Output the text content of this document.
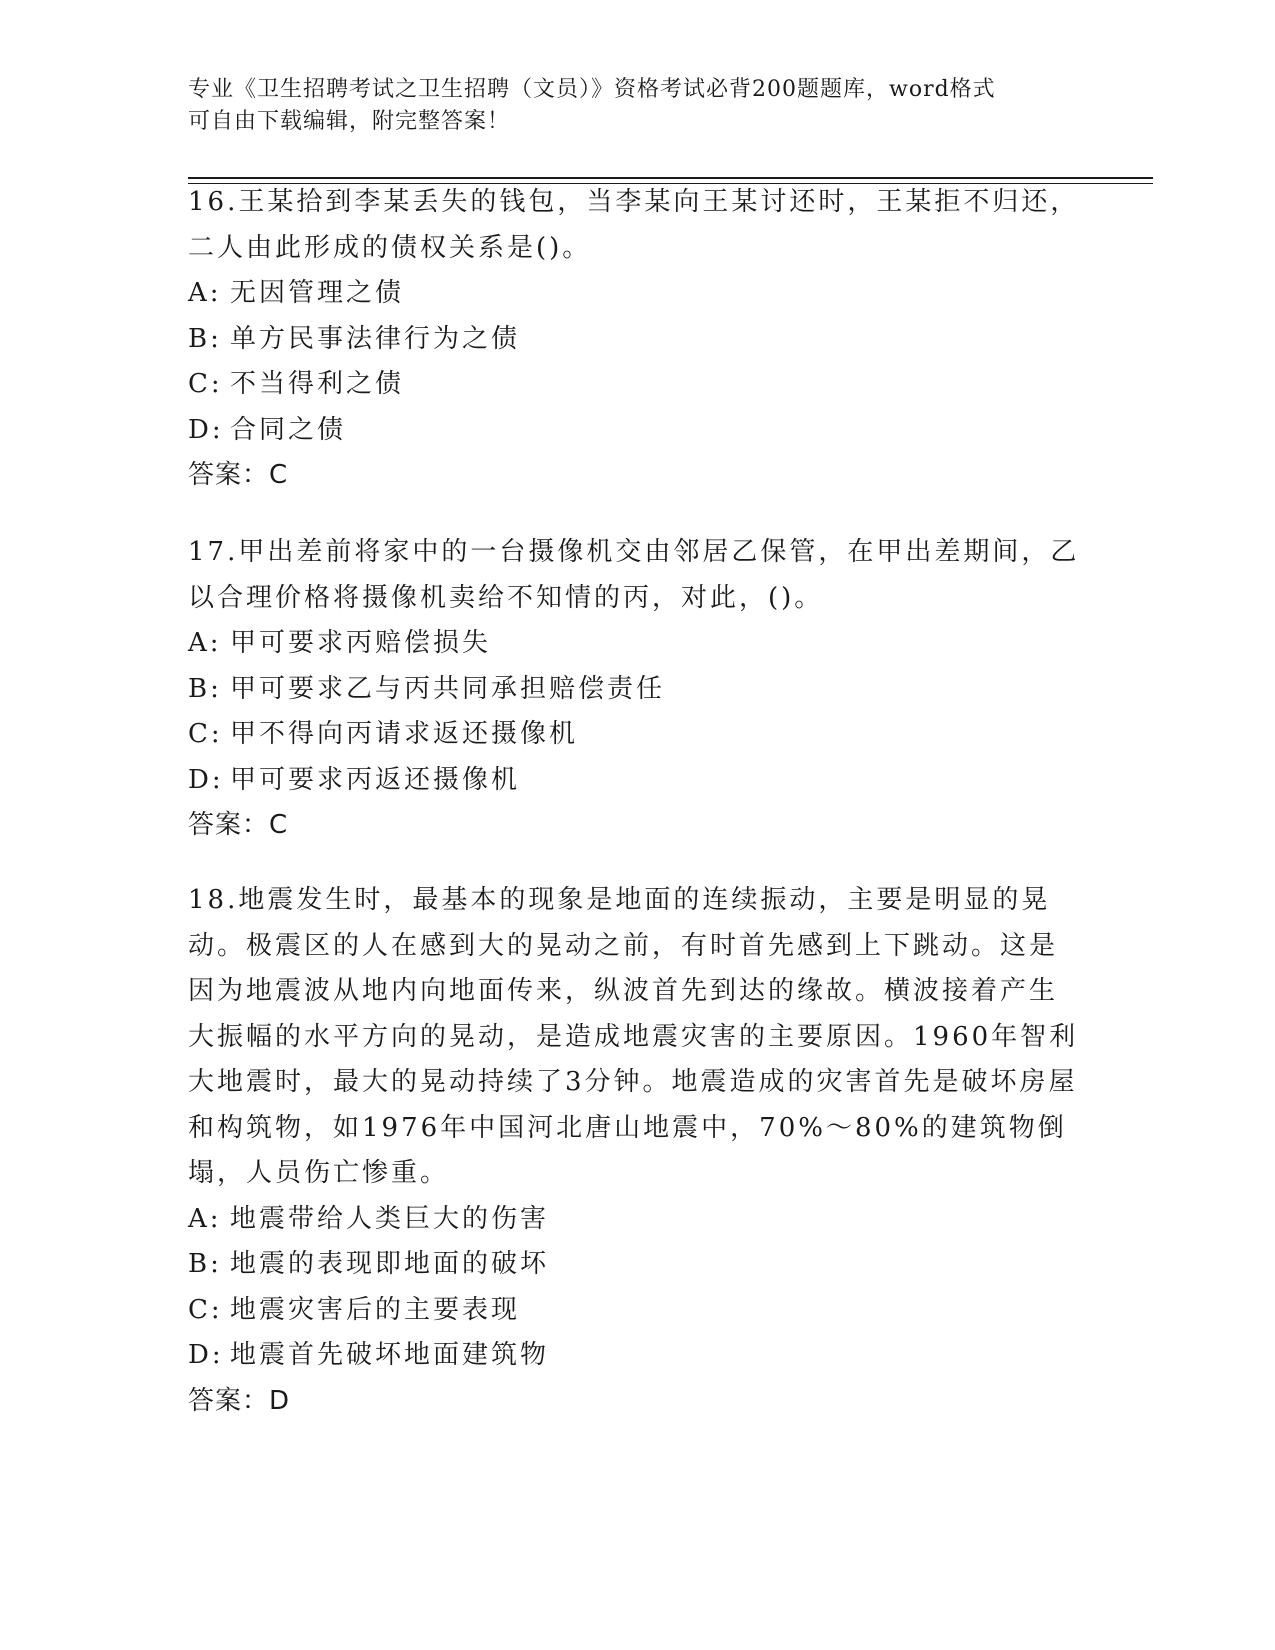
专业《卫生招聘考试之卫生招聘（文员）》资格考试必背200题题库，word格式
可自由下载编辑，附完整答案！

16.王某拾到李某丢失的钱包，当李某向王某讨还时，王某拒不归还，二人由此形成的债权关系是()。

A: 无因管理之债
B: 单方民事法律行为之债
C: 不当得利之债
D: 合同之债
答案：C

17.甲出差前将家中的一台摄像机交由邻居乙保管，在甲出差期间，乙以合理价格将摄像机卖给不知情的丙，对此，()。

A: 甲可要求丙赔偿损失
B: 甲可要求乙与丙共同承担赔偿责任
C: 甲不得向丙请求返还摄像机
D: 甲可要求丙返还摄像机
答案：C

18.地震发生时，最基本的现象是地面的连续振动，主要是明显的晃动。极震区的人在感到大的晃动之前，有时首先感到上下跳动。这是因为地震波从地内向地面传来，纵波首先到达的缘故。横波接着产生大振幅的水平方向的晃动，是造成地震灾害的主要原因。1960年智利大地震时，最大的晃动持续了3分钟。地震造成的灾害首先是破坏房屋和构筑物，如1976年中国河北唐山地震中，70%～80%的建筑物倒塌，人员伤亡惨重。

A: 地震带给人类巨大的伤害
B: 地震的表现即地面的破坏
C: 地震灾害后的主要表现
D: 地震首先破坏地面建筑物
答案：D
